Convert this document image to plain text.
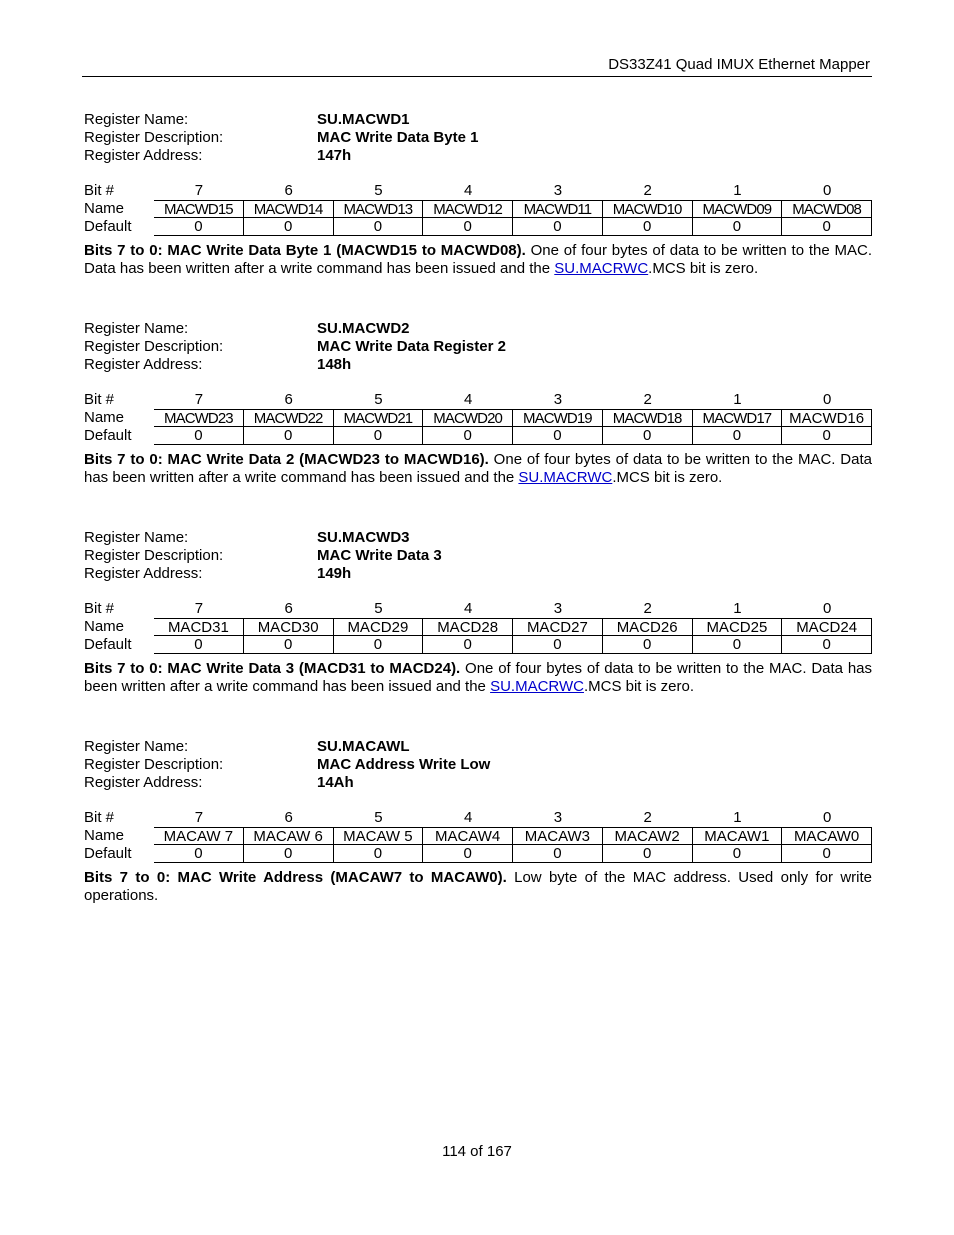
DS33Z41 Quad IMUX Ethernet Mapper
Register Name:	SU.MACWD1
Register Description:	MAC Write Data Byte 1
Register Address:	147h
Bit #	7	6	5	4	3	2	1	0
Name	MACWD15	MACWD14	MACWD13	MACWD12	MACWD11	MACWD10	MACWD09	MACWD08
Default	0	0	0	0	0	0	0	0
Bits 7 to 0: MAC Write Data Byte 1 (MACWD15 to MACWD08). One of four bytes of data to be written to the MAC. Data has been written after a write command has been issued and the SU.MACRWC.MCS bit is zero.
Register Name:	SU.MACWD2
Register Description:	MAC Write Data Register 2
Register Address:	148h
Bit #	7	6	5	4	3	2	1	0
Name	MACWD23	MACWD22	MACWD21	MACWD20	MACWD19	MACWD18	MACWD17	MACWD16
Default	0	0	0	0	0	0	0	0
Bits 7 to 0: MAC Write Data 2 (MACWD23 to MACWD16). One of four bytes of data to be written to the MAC. Data has been written after a write command has been issued and the SU.MACRWC.MCS bit is zero.
Register Name:	SU.MACWD3
Register Description:	MAC Write Data 3
Register Address:	149h
Bit #	7	6	5	4	3	2	1	0
Name	MACD31	MACD30	MACD29	MACD28	MACD27	MACD26	MACD25	MACD24
Default	0	0	0	0	0	0	0	0
Bits 7 to 0: MAC Write Data 3 (MACD31 to MACD24). One of four bytes of data to be written to the MAC. Data has been written after a write command has been issued and the SU.MACRWC.MCS bit is zero.
Register Name:	SU.MACAWL
Register Description:	MAC Address Write Low
Register Address:	14Ah
Bit #	7	6	5	4	3	2	1	0
Name	MACAW 7	MACAW 6	MACAW 5	MACAW4	MACAW3	MACAW2	MACAW1	MACAW0
Default	0	0	0	0	0	0	0	0
Bits 7 to 0: MAC Write Address (MACAW7 to MACAW0). Low byte of the MAC address. Used only for write operations.
114 of 167
